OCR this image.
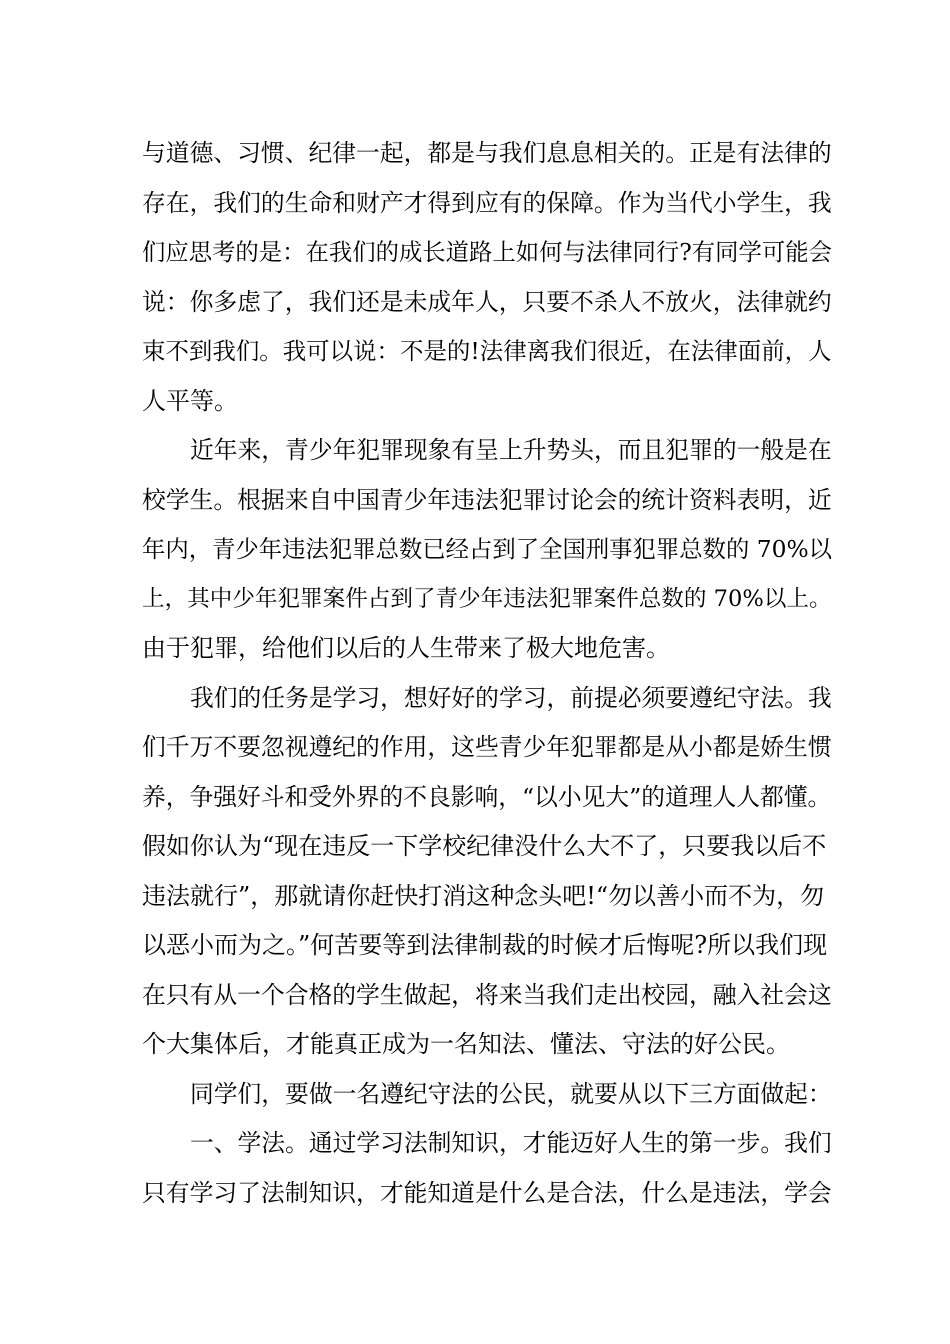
与道德、习惯、纪律一起，都是与我们息息相关的。正是有法律的
存在，我们的生命和财产才得到应有的保障。作为当代小学生，我
们应思考的是：在我们的成长道路上如何与法律同行?有同学可能会
说：你多虑了，我们还是未成年人，只要不杀人不放火，法律就约
束不到我们。我可以说：不是的!法律离我们很近，在法律面前，人
人平等。
近年来，青少年犯罪现象有呈上升势头，而且犯罪的一般是在
校学生。根据来自中国青少年违法犯罪讨论会的统计资料表明，近
年内，青少年违法犯罪总数已经占到了全国刑事犯罪总数的 70%以
上，其中少年犯罪案件占到了青少年违法犯罪案件总数的 70%以上。
由于犯罪，给他们以后的人生带来了极大地危害。
我们的任务是学习，想好好的学习，前提必须要遵纪守法。我
们千万不要忽视遵纪的作用，这些青少年犯罪都是从小都是娇生惯
养，争强好斗和受外界的不良影响，“以小见大”的道理人人都懂。
假如你认为“现在违反一下学校纪律没什么大不了，只要我以后不
违法就行”，那就请你赶快打消这种念头吧!“勿以善小而不为，勿
以恶小而为之。”何苦要等到法律制裁的时候才后悔呢?所以我们现
在只有从一个合格的学生做起，将来当我们走出校园，融入社会这
个大集体后，才能真正成为一名知法、懂法、守法的好公民。
同学们，要做一名遵纪守法的公民，就要从以下三方面做起：
一、学法。通过学习法制知识，才能迈好人生的第一步。我们
只有学习了法制知识，才能知道是什么是合法，什么是违法，学会
